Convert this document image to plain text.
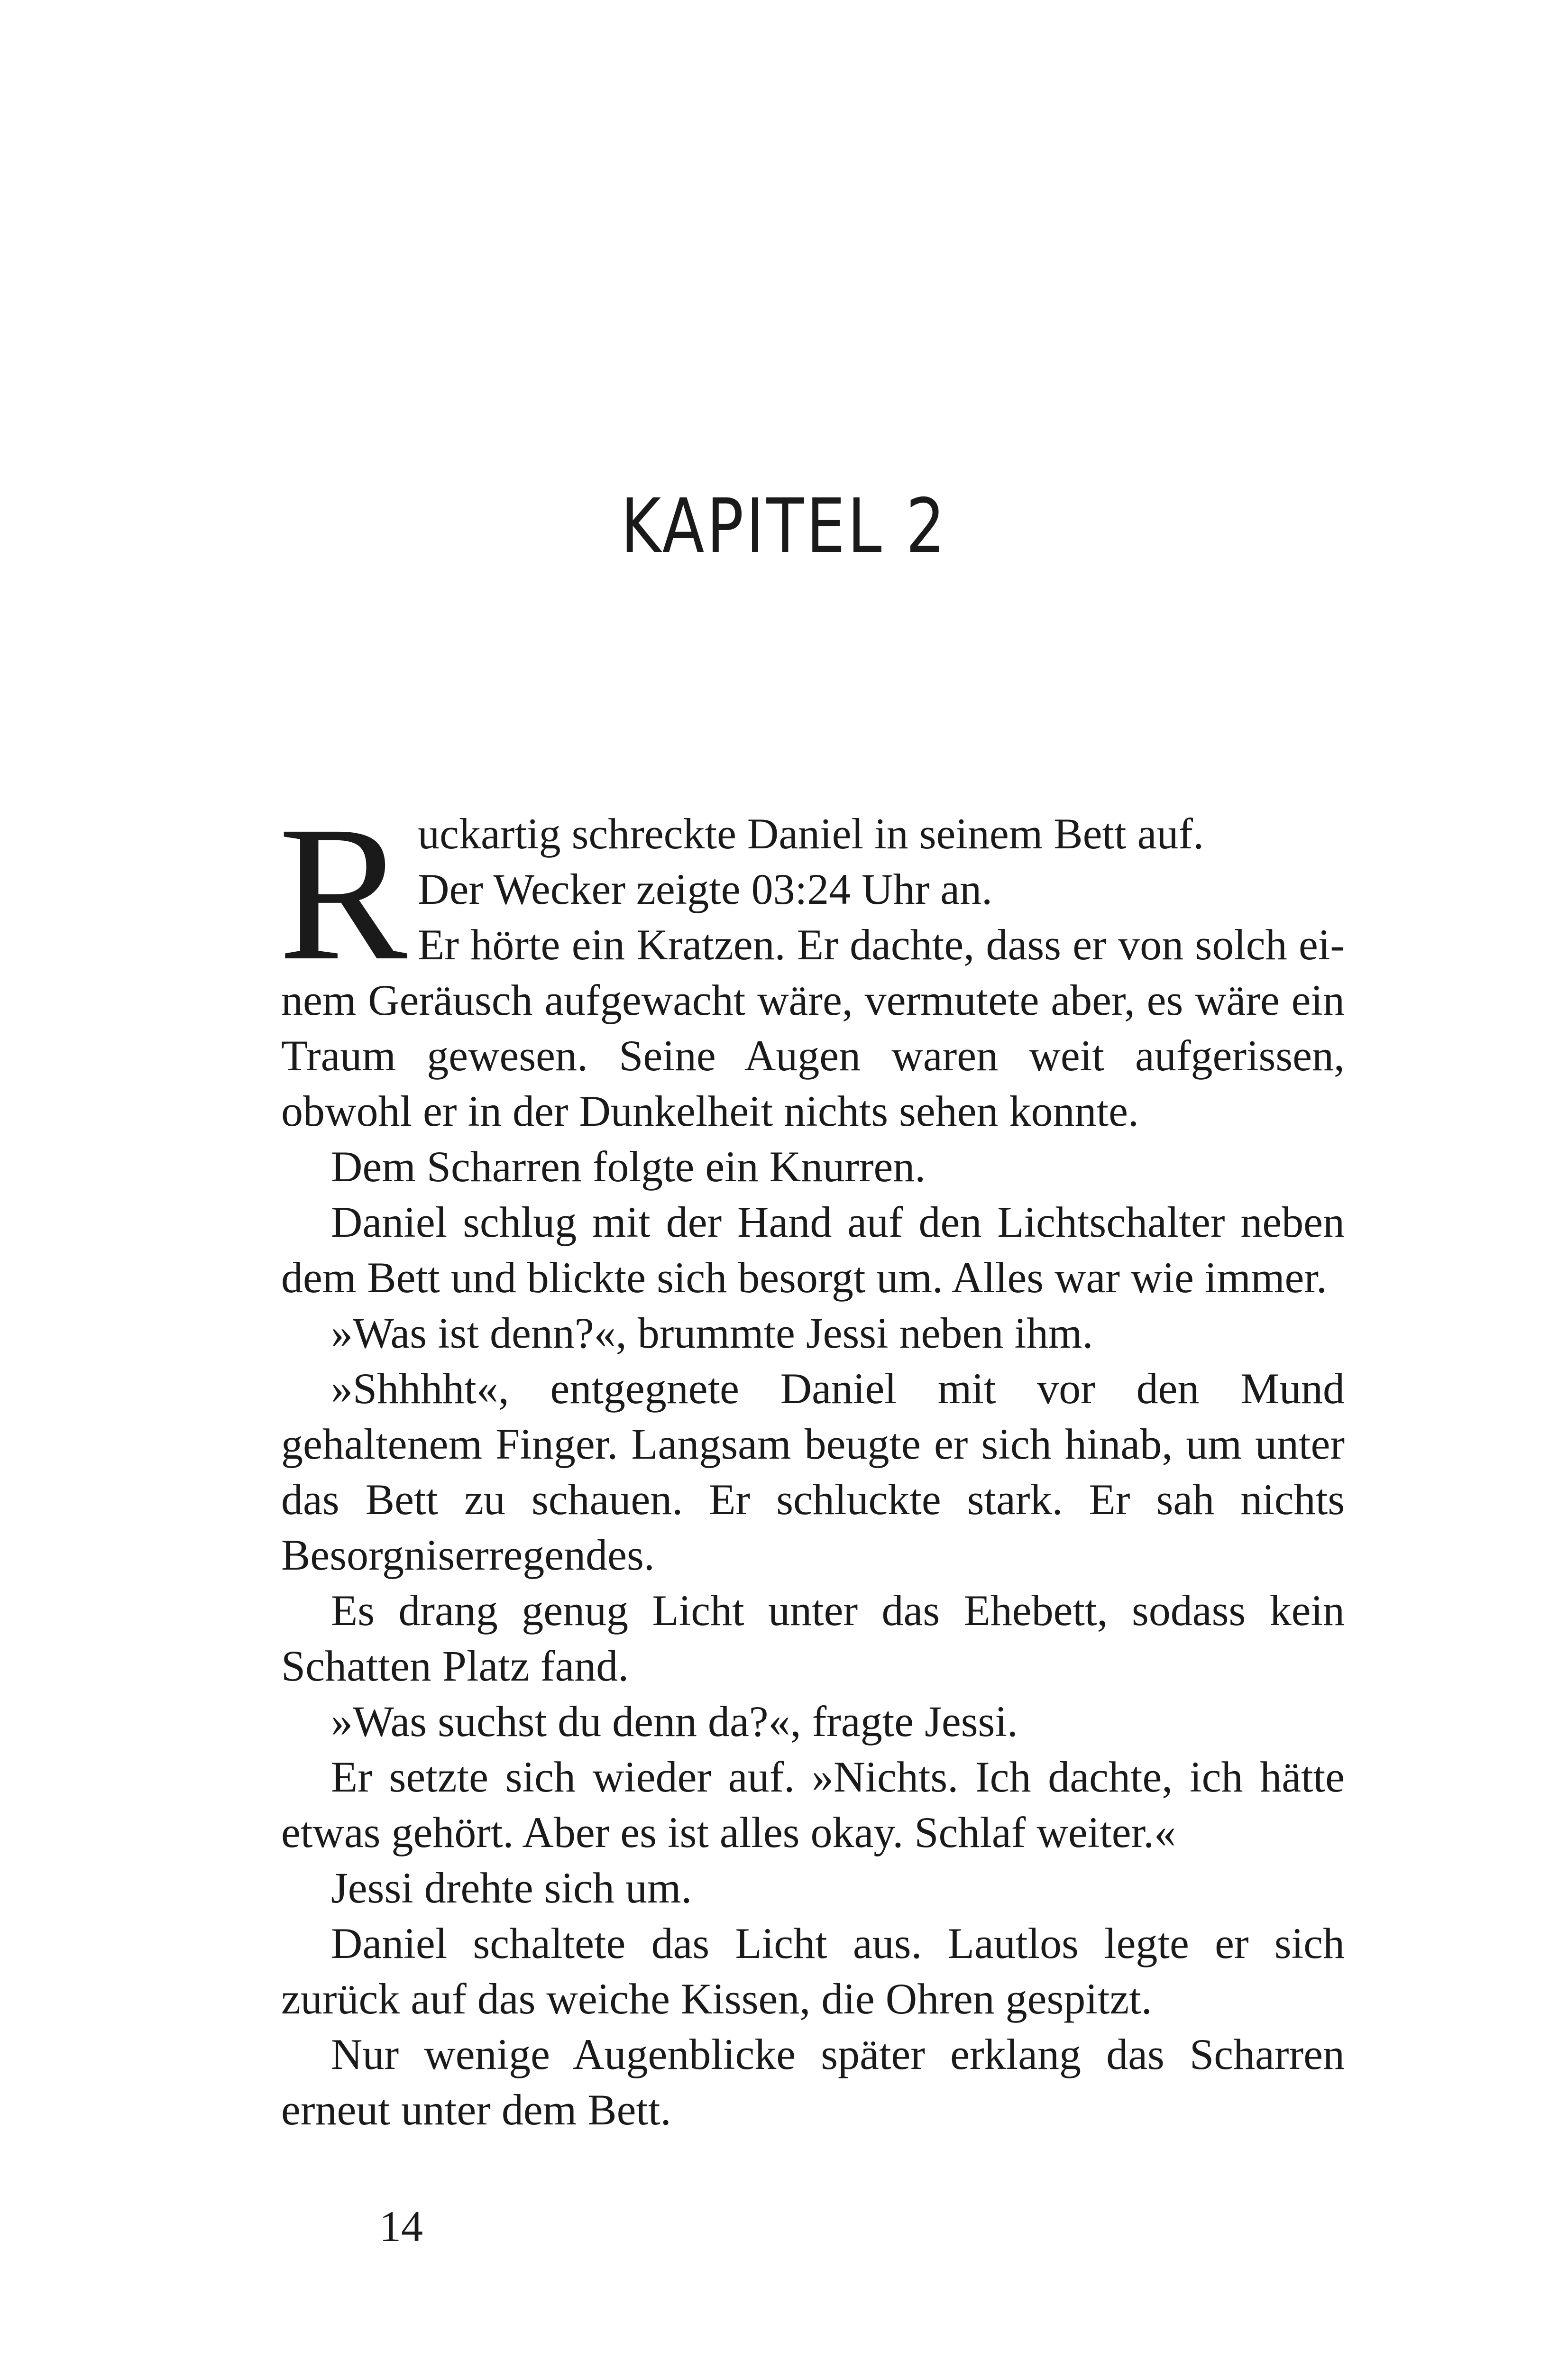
KAPITEL 2
R uckartig schreckte Daniel in seinem Bett auf.

Der Wecker zeigte 03:24 Uhr an.

Er hörte ein Kratzen. Er dachte, dass er von solch einem Geräusch aufgewacht wäre, vermutete aber, es wäre ein Traum gewesen. Seine Augen waren weit aufgerissen, obwohl er in der Dunkelheit nichts sehen konnte.

Dem Scharren folgte ein Knurren.

Daniel schlug mit der Hand auf den Lichtschalter neben dem Bett und blickte sich besorgt um. Alles war wie immer.

»Was ist denn?«, brummte Jessi neben ihm.

»Shhhht«, entgegnete Daniel mit vor den Mund gehaltenem Finger. Langsam beugte er sich hinab, um unter das Bett zu schauen. Er schluckte stark. Er sah nichts Besorgniserregendes.

Es drang genug Licht unter das Ehebett, sodass kein Schatten Platz fand.

»Was suchst du denn da?«, fragte Jessi.

Er setzte sich wieder auf. »Nichts. Ich dachte, ich hätte etwas gehört. Aber es ist alles okay. Schlaf weiter.«

Jessi drehte sich um.

Daniel schaltete das Licht aus. Lautlos legte er sich zurück auf das weiche Kissen, die Ohren gespitzt.

Nur wenige Augenblicke später erklang das Scharren erneut unter dem Bett.

14
